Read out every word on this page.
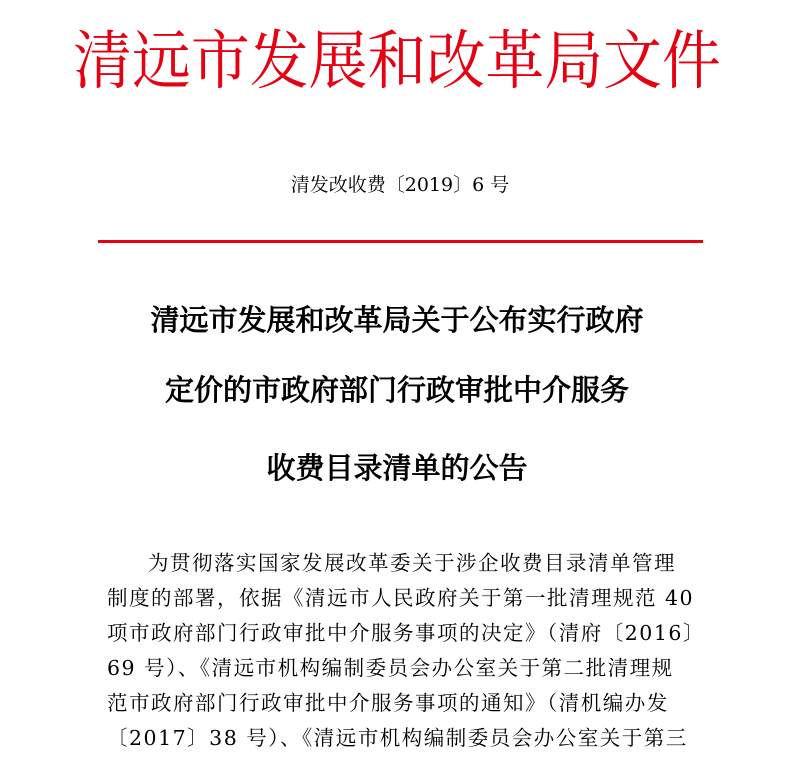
清远市发展和改革局文件
清发改收费〔2019〕6 号
清远市发展和改革局关于公布实行政府
定价的市政府部门行政审批中介服务
收费目录清单的公告
为贯彻落实国家发展改革委关于涉企收费目录清单管理
制度的部署，依据《清远市人民政府关于第一批清理规范 40
项市政府部门行政审批中介服务事项的决定》（清府〔2016〕
69 号）、《清远市机构编制委员会办公室关于第二批清理规
范市政府部门行政审批中介服务事项的通知》（清机编办发
〔2017〕38 号）、《清远市机构编制委员会办公室关于第三
